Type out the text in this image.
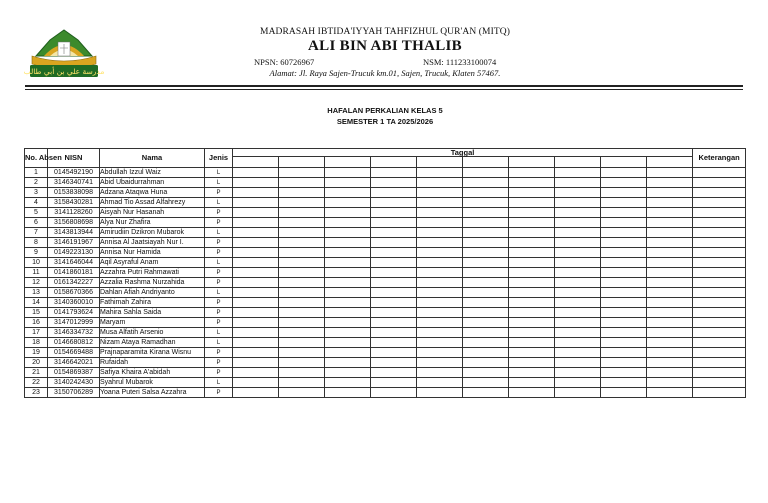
مدرسة علي بن أبي طالب
MADRASAH IBTIDA'IYYAH TAHFIZHUL QUR'AN (MITQ)
ALI BIN ABI THALIB
NPSN: 60726967	NSM: 111233100074
Alamat: Jl. Raya Sajen-Trucuk km.01, Sajen, Trucuk, Klaten 57467.
HAFALAN PERKALIAN KELAS 5
SEMESTER 1 TA 2025/2026
No. Absen	NISN	Nama	Jenis	Taggal										Keterangan

1	0145492190	Abdullah Izzul Waiz	L											
2	3146340741	Abid Ubaidurrahman	L											
3	0153838098	Adzana Ataqwa Huna	P											
4	3158430281	Ahmad Tio Assad Alfahrezy	L											
5	3141128260	Aisyah Nur Hasanah	P											
6	3156808698	Alya Nur Zhafira	P											
7	3143813944	Amirudiin Dzikron Mubarok	L											
8	3146191967	Annisa Al Jaatsiayah Nur I.	P											
9	0149223130	Annisa Nur Hamida	P											
10	3141646044	Aqil Asyraful Anam	L											
11	0141860181	Azzahra Putri Rahmawati	P											
12	0161342227	Azzalia Rashma Nurzahida	P											
13	0158670366	Dahlan Afiah Andriyanto	L											
14	3140360010	Fathimah Zahira	P											
15	0141793624	Mahira Sahla Saida	P											
16	3147012999	Maryam	P											
17	3146334732	Musa Alfatih Arsenio	L											
18	0146680812	Nizam Ataya Ramadhan	L											
19	0154669488	Prajnaparamita Kirana Wisnu	P											
20	3146642021	Rufaidah	P											
21	0154869387	Safiya Khaira A'abidah	P											
22	3140242430	Syahrul Mubarok	L											
23	3150706289	Yoana Puteri Salsa Azzahra	P											
